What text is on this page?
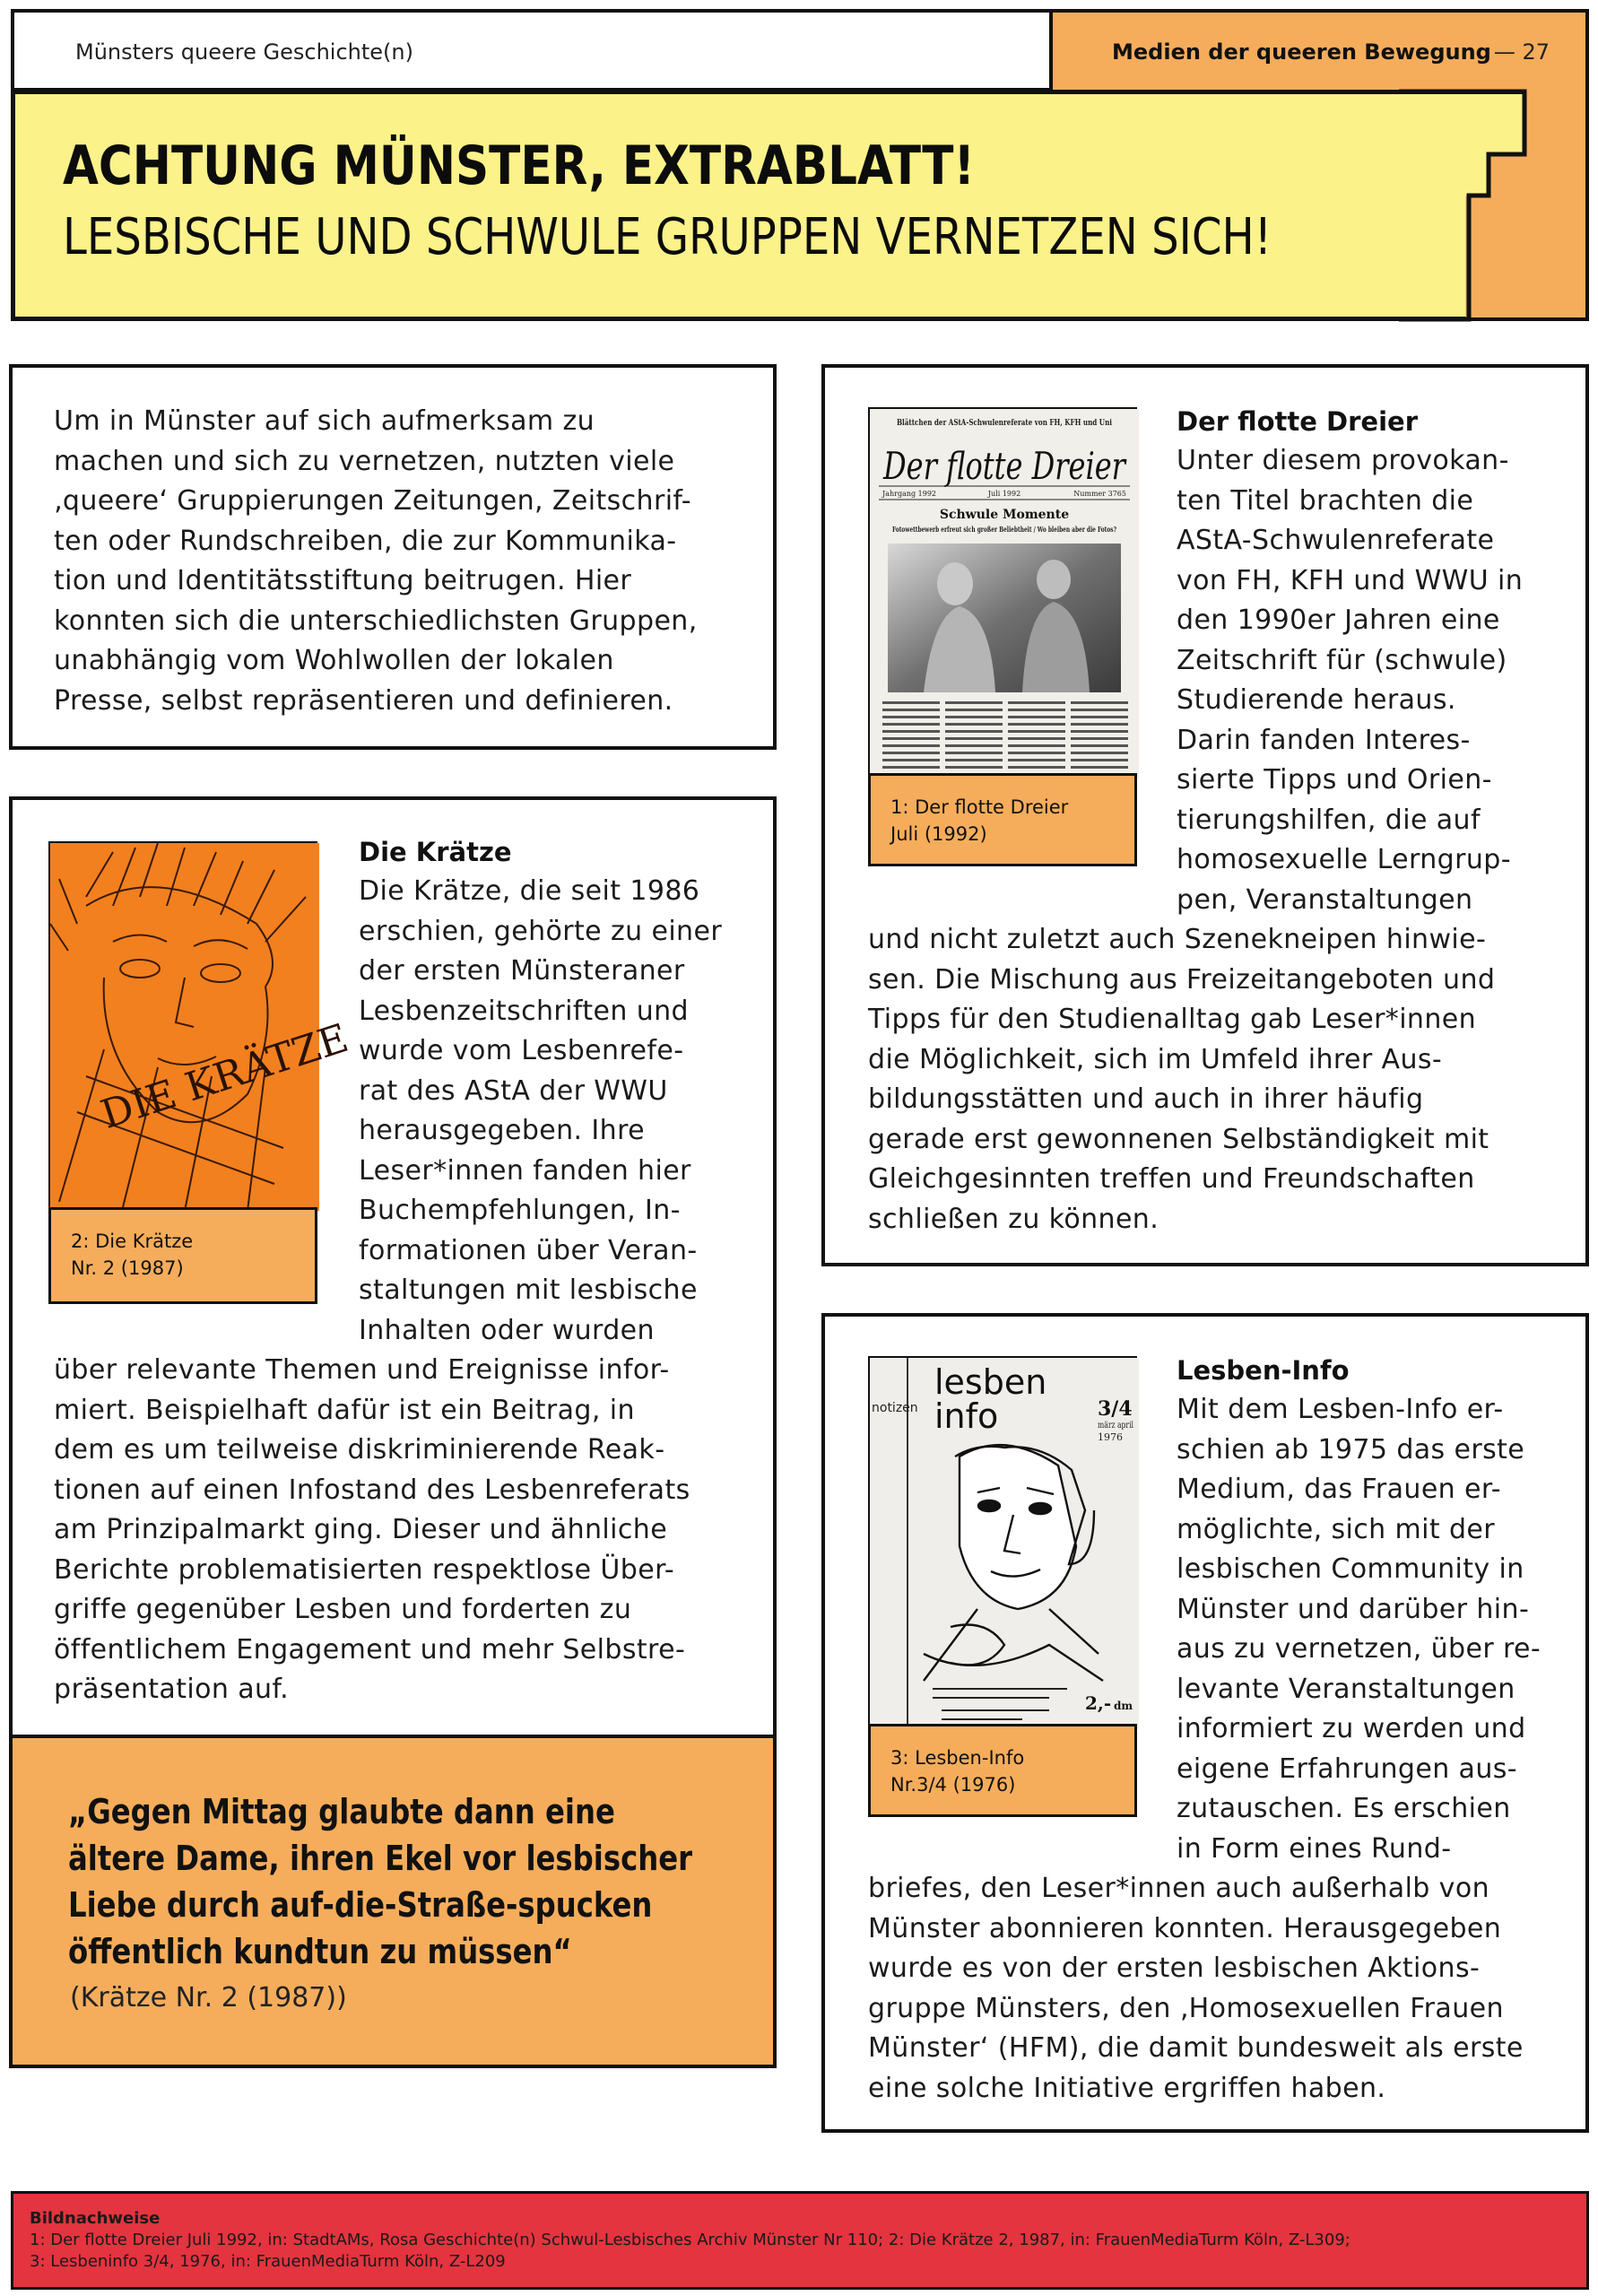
Münsters queere Geschichte(n)	Medien der queeren Bewegung — 27
ACHTUNG MÜNSTER, EXTRABLATT!
LESBISCHE UND SCHWULE GRUPPEN VERNETZEN SICH!
Um in Münster auf sich aufmerksam zu
machen und sich zu vernetzen, nutzten viele
‚queere‘ Gruppierungen Zeitungen, Zeitschrif-
ten oder Rundschreiben, die zur Kommunika-
tion und Identitätsstiftung beitrugen. Hier
konnten sich die unterschiedlichsten Gruppen,
unabhängig vom Wohlwollen der lokalen
Presse, selbst repräsentieren und definieren.
DIE KRÄTZE
2: Die Krätze
Nr. 2 (1987)
Die Krätze
Die Krätze, die seit 1986
erschien, gehörte zu einer
der ersten Münsteraner
Lesbenzeitschriften und
wurde vom Lesbenrefe-
rat des AStA der WWU
herausgegeben. Ihre
Leser*innen fanden hier
Buchempfehlungen, In-
formationen über Veran-
staltungen mit lesbische
Inhalten oder wurden
über relevante Themen und Ereignisse infor-
miert. Beispielhaft dafür ist ein Beitrag, in
dem es um teilweise diskriminierende Reak-
tionen auf einen Infostand des Lesbenreferats
am Prinzipalmarkt ging. Dieser und ähnliche
Berichte problematisierten respektlose Über-
griffe gegenüber Lesben und forderten zu
öffentlichem Engagement und mehr Selbstre-
präsentation auf.
„Gegen Mittag glaubte dann eine
ältere Dame, ihren Ekel vor lesbischer
Liebe durch auf-die-Straße-spucken
öffentlich kundtun zu müssen“
(Krätze Nr. 2 (1987))
Blättchen der AStA-Schwulenreferate von FH, KFH und Uni
Der flotte Dreier
Jahrgang 1992	Juli 1992	Nummer 3765
Schwule Momente
Fotowettbewerb erfreut sich großer Beliebtheit / Wo bleiben aber die Fotos?
1: Der flotte Dreier
Juli (1992)
Der flotte Dreier
Unter diesem provokan-
ten Titel brachten die
AStA-Schwulenreferate
von FH, KFH und WWU in
den 1990er Jahren eine
Zeitschrift für (schwule)
Studierende heraus.
Darin fanden Interes-
sierte Tipps und Orien-
tierungshilfen, die auf
homosexuelle Lerngrup-
pen, Veranstaltungen
und nicht zuletzt auch Szenekneipen hinwie-
sen. Die Mischung aus Freizeitangeboten und
Tipps für den Studienalltag gab Leser*innen
die Möglichkeit, sich im Umfeld ihrer Aus-
bildungsstätten und auch in ihrer häufig
gerade erst gewonnenen Selbständigkeit mit
Gleichgesinnten treffen und Freundschaften
schließen zu können.
notizen
lesben
info	3/4
märz april
1976
2,- dm
3: Lesben-Info
Nr.3/4 (1976)
Lesben-Info
Mit dem Lesben-Info er-
schien ab 1975 das erste
Medium, das Frauen er-
möglichte, sich mit der
lesbischen Community in
Münster und darüber hin-
aus zu vernetzen, über re-
levante Veranstaltungen
informiert zu werden und
eigene Erfahrungen aus-
zutauschen. Es erschien
in Form eines Rund-
briefes, den Leser*innen auch außerhalb von
Münster abonnieren konnten. Herausgegeben
wurde es von der ersten lesbischen Aktions-
gruppe Münsters, den ‚Homosexuellen Frauen
Münster‘ (HFM), die damit bundesweit als erste
eine solche Initiative ergriffen haben.
Bildnachweise
1: Der flotte Dreier Juli 1992, in: StadtAMs, Rosa Geschichte(n) Schwul-Lesbisches Archiv Münster Nr 110; 2: Die Krätze 2, 1987, in: FrauenMediaTurm Köln, Z-L309;
3: Lesbeninfo 3/4, 1976, in: FrauenMediaTurm Köln, Z-L209
